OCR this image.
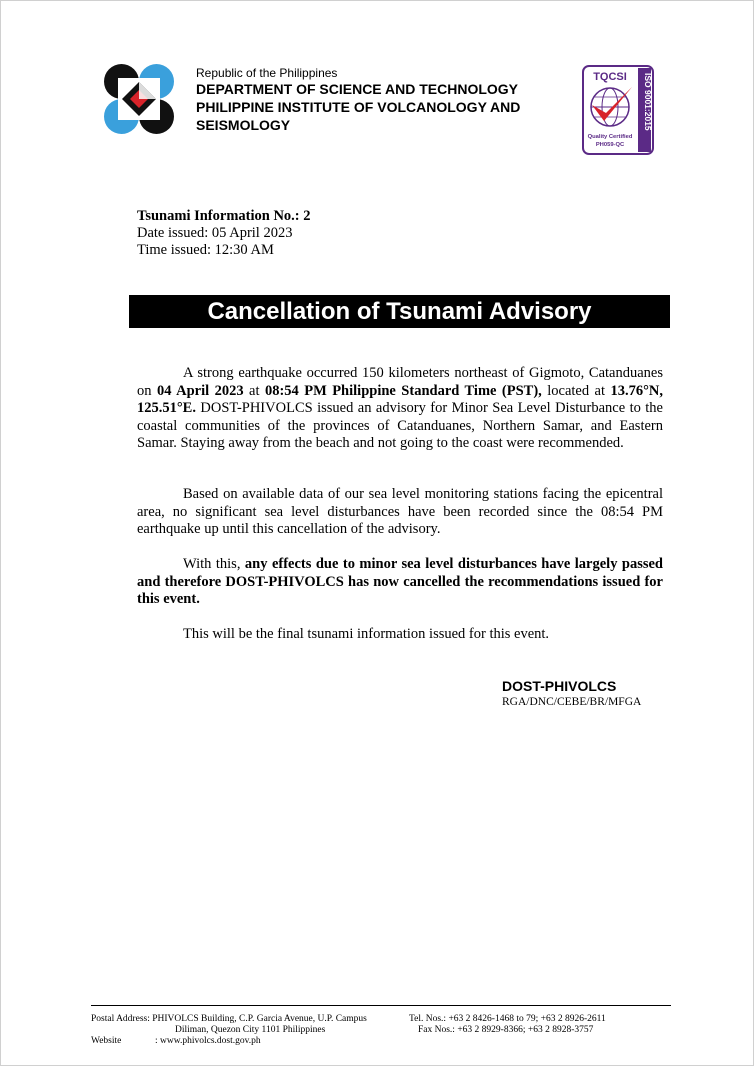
Republic of the Philippines
DEPARTMENT OF SCIENCE AND TECHNOLOGY
PHILIPPINE INSTITUTE OF VOLCANOLOGY AND SEISMOLOGY	ISO 9001:2015
TQCSI
Quality Certified
PH059-QC
Tsunami Information No.: 2
Date issued: 05 April 2023
Time issued: 12:30 AM
Cancellation of Tsunami Advisory

A strong earthquake occurred 150 kilometers northeast of Gigmoto, Catanduanes on 04 April 2023 at 08:54 PM Philippine Standard Time (PST), located at 13.76°N, 125.51°E. DOST-PHIVOLCS issued an advisory for Minor Sea Level Disturbance to the coastal communities of the provinces of Catanduanes, Northern Samar, and Eastern Samar. Staying away from the beach and not going to the coast were recommended.

Based on available data of our sea level monitoring stations facing the epicentral area, no significant sea level disturbances have been recorded since the 08:54 PM earthquake up until this cancellation of the advisory.

With this, any effects due to minor sea level disturbances have largely passed and therefore DOST-PHIVOLCS has now cancelled the recommendations issued for this event.

This will be the final tsunami information issued for this event.

DOST-PHIVOLCS
RGA/DNC/CEBE/BR/MFGA
Postal Address: PHIVOLCS Building, C.P. Garcia Avenue, U.P. Campus
Diliman, Quezon City 1101 Philippines
Website	: www.phivolcs.dost.gov.ph
Tel. Nos.: +63 2 8426-1468 to 79; +63 2 8926-2611
Fax Nos.: +63 2 8929-8366; +63 2 8928-3757
